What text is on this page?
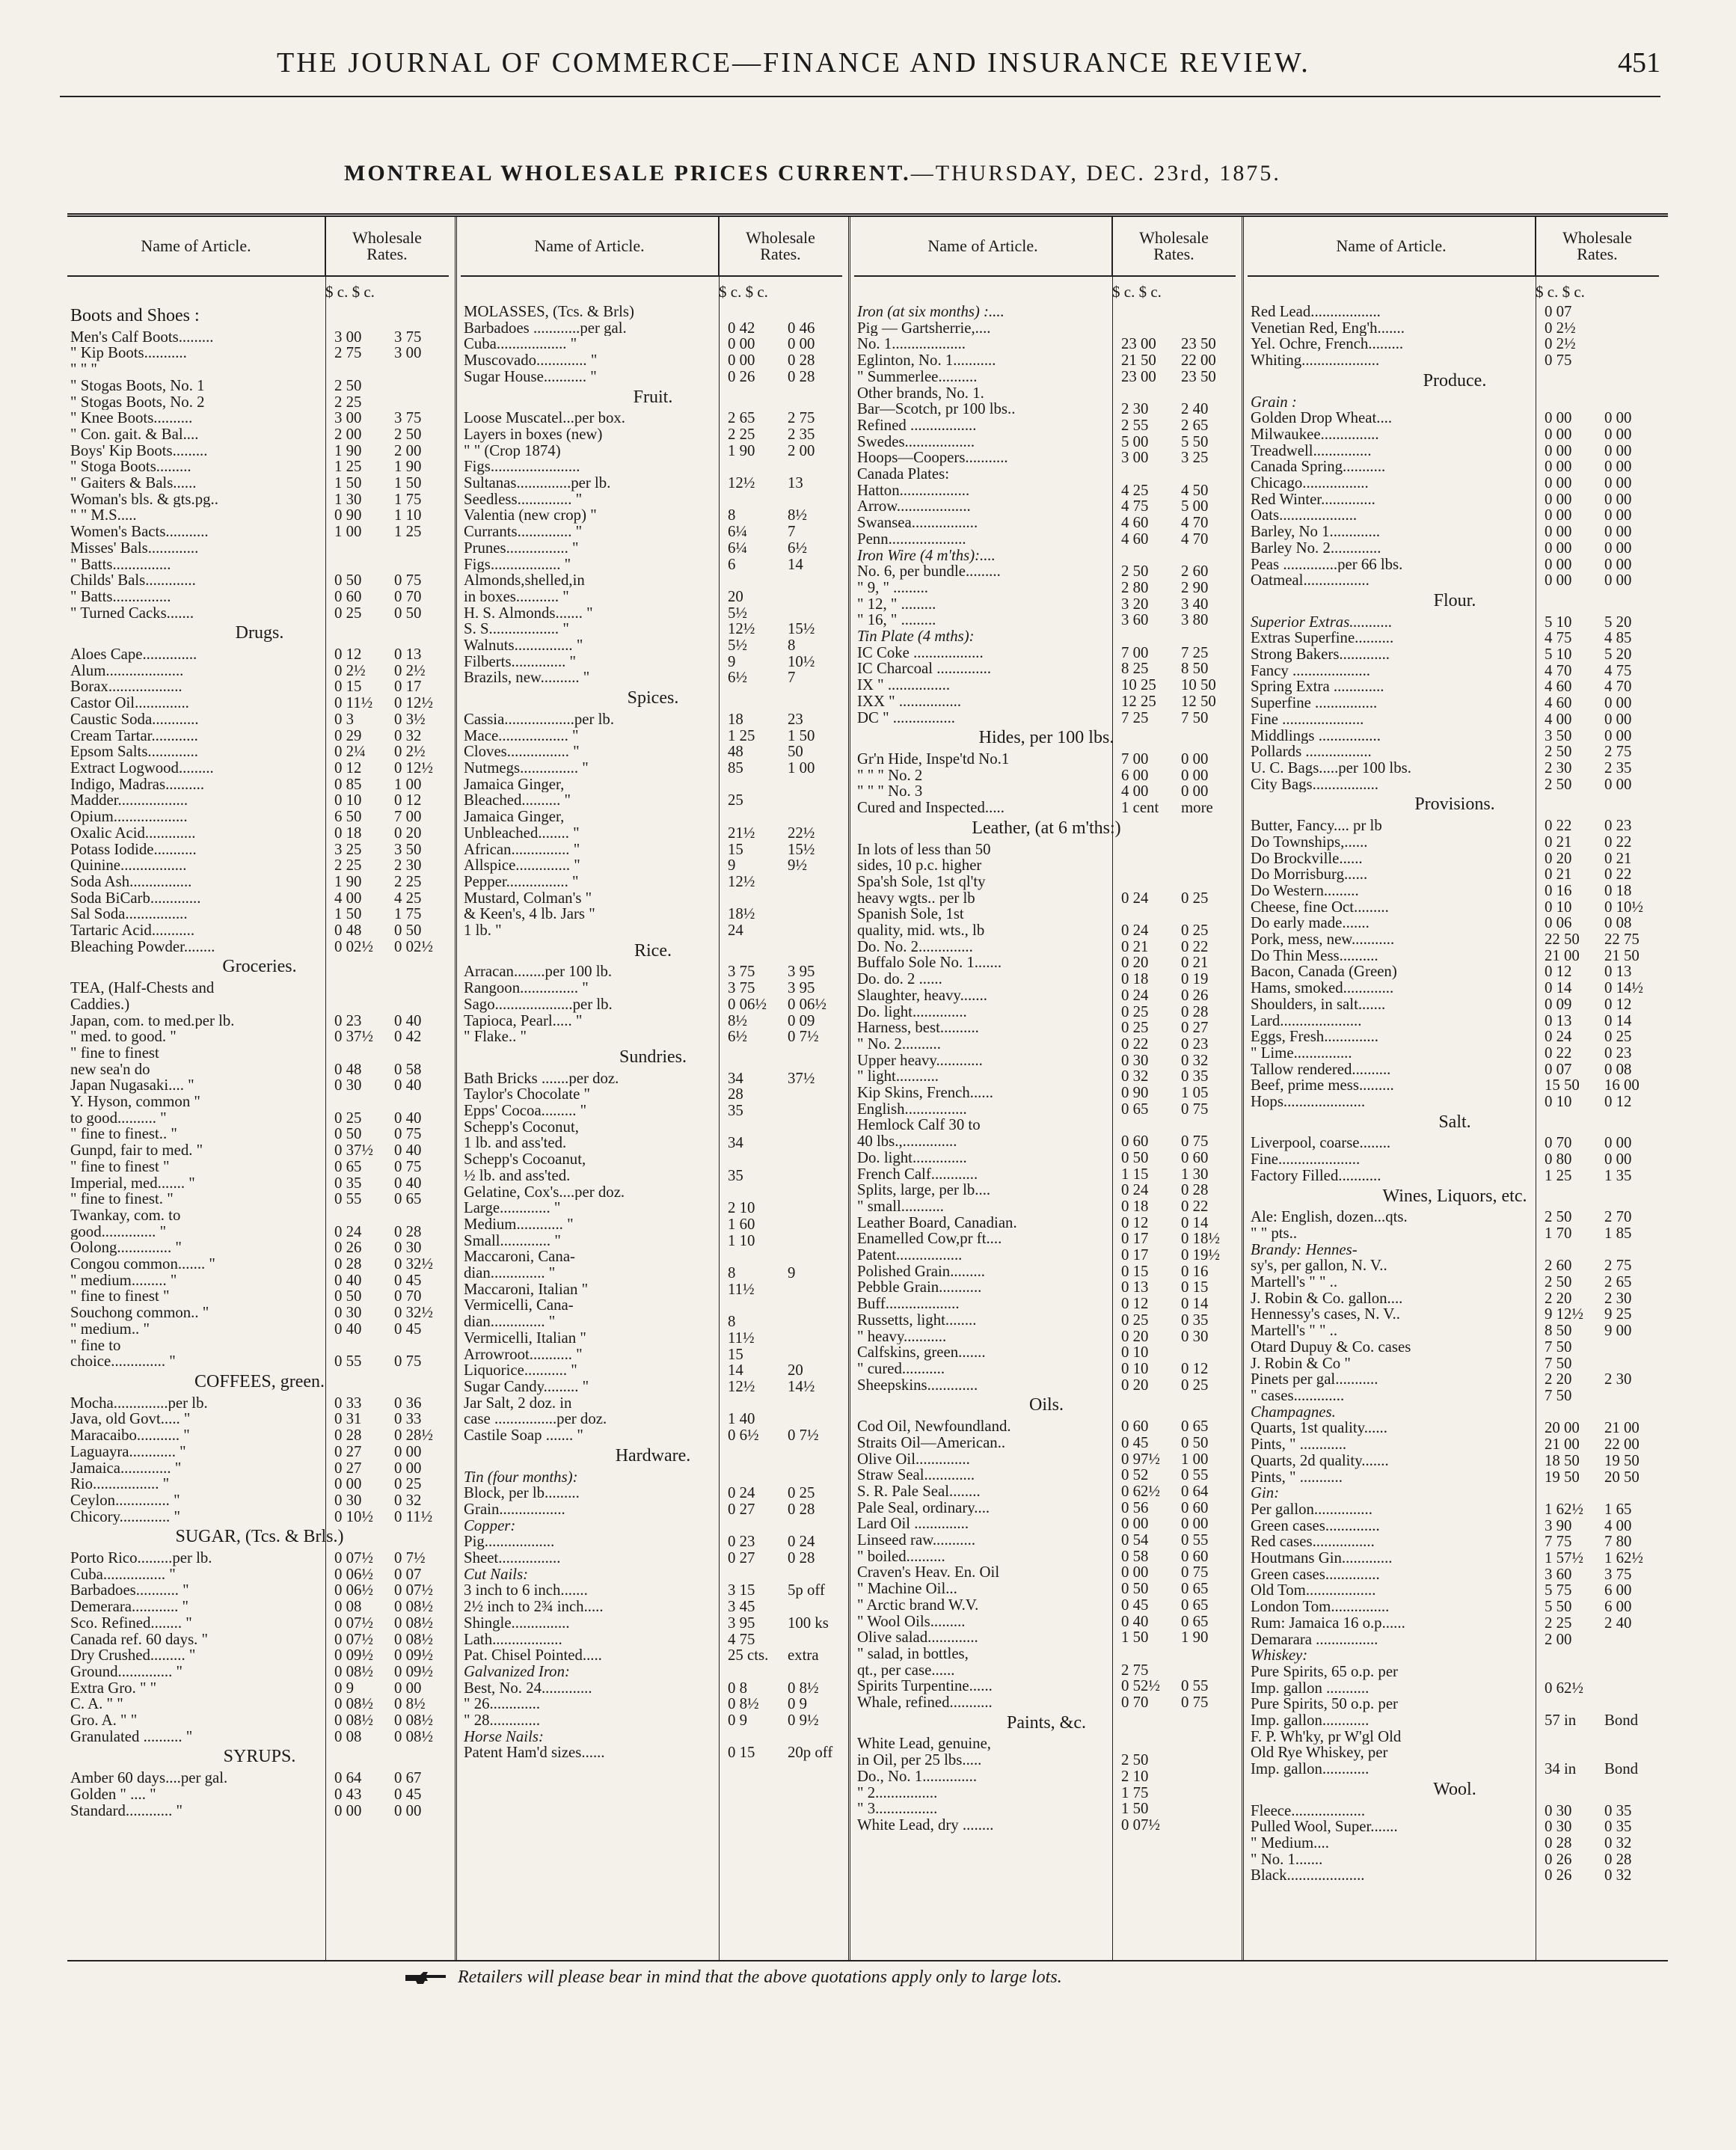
THE JOURNAL OF COMMERCE—FINANCE AND INSURANCE REVIEW.	451
MONTREAL WHOLESALE PRICES CURRENT.—THURSDAY, DEC. 23rd, 1875.
Name of Article.	Wholesale
Rates.
$ c. $ c.
Boots and Shoes :
Men's Calf Boots.........	3 00	3 75
" Kip Boots...........	2 75	3 00
" " "
" Stogas Boots, No. 1	2 50
" Stogas Boots, No. 2	2 25
" Knee Boots..........	3 00	3 75
" Con. gait. & Bal....	2 00	2 50
Boys' Kip Boots.........	1 90	2 00
" Stoga Boots.........	1 25	1 90
" Gaiters & Bals......	1 50	1 50
Woman's bls. & gts.pg..	1 30	1 75
" " M.S.....	0 90	1 10
Women's Bacts...........	1 00	1 25
Misses' Bals.............
" Batts...............
Childs' Bals.............	0 50	0 75
" Batts...............	0 60	0 70
" Turned Cacks.......	0 25	0 50
Drugs.
Aloes Cape..............	0 12	0 13
Alum....................	0 2½	0 2½
Borax...................	0 15	0 17
Castor Oil..............	0 11½	0 12½
Caustic Soda............	0 3	0 3½
Cream Tartar............	0 29	0 32
Epsom Salts.............	0 2¼	0 2½
Extract Logwood.........	0 12	0 12½
Indigo, Madras..........	0 85	1 00
Madder..................	0 10	0 12
Opium...................	6 50	7 00
Oxalic Acid.............	0 18	0 20
Potass Iodide...........	3 25	3 50
Quinine.................	2 25	2 30
Soda Ash................	1 90	2 25
Soda BiCarb.............	4 00	4 25
Sal Soda................	1 50	1 75
Tartaric Acid...........	0 48	0 50
Bleaching Powder........	0 02½	0 02½
Groceries.
TEA, (Half-Chests and
Caddies.)
Japan, com. to med.per lb.	0 23	0 40
" med. to good. "	0 37½	0 42
" fine to finest
new sea'n do	0 48	0 58
Japan Nugasaki.... "	0 30	0 40
Y. Hyson, common "
to good.......... "	0 25	0 40
" fine to finest.. "	0 50	0 75
Gunpd, fair to med. "	0 37½	0 40
" fine to finest "	0 65	0 75
Imperial, med....... "	0 35	0 40
" fine to finest. "	0 55	0 65
Twankay, com. to
good.............. "	0 24	0 28
Oolong.............. "	0 26	0 30
Congou common....... "	0 28	0 32½
" medium......... "	0 40	0 45
" fine to finest "	0 50	0 70
Souchong common.. "	0 30	0 32½
" medium.. "	0 40	0 45
" fine to
choice.............. "	0 55	0 75
COFFEES, green.
Mocha..............per lb.	0 33	0 36
Java, old Govt..... "	0 31	0 33
Maracaibo........... "	0 28	0 28½
Laguayra............ "	0 27	0 00
Jamaica............. "	0 27	0 00
Rio................. "	0 00	0 25
Ceylon.............. "	0 30	0 32
Chicory............. "	0 10½	0 11½
SUGAR, (Tcs. & Brls.)
Porto Rico.........per lb.	0 07½	0 7½
Cuba................ "	0 06½	0 07
Barbadoes........... "	0 06½	0 07½
Demerara............ "	0 08	0 08½
Sco. Refined........ "	0 07½	0 08½
Canada ref. 60 days. "	0 07½	0 08½
Dry Crushed......... "	0 09½	0 09½
Ground.............. "	0 08½	0 09½
Extra Gro. " "	0 9	0 00
C. A. " "	0 08½	0 8½
Gro. A. " "	0 08½	0 08½
Granulated .......... "	0 08	0 08½
SYRUPS.
Amber 60 days....per gal.	0 64	0 67
Golden " .... "	0 43	0 45
Standard............ "	0 00	0 00
Name of Article.	Wholesale
Rates.
$ c. $ c.
MOLASSES, (Tcs. & Brls)
Barbadoes ............per gal.	0 42	0 46
Cuba.................. "	0 00	0 00
Muscovado............. "	0 00	0 28
Sugar House........... "	0 26	0 28
Fruit.
Loose Muscatel...per box.	2 65	2 75
Layers in boxes (new)	2 25	2 35
" " (Crop 1874)	1 90	2 00
Figs.......................
Sultanas..............per lb.	12½	13
Seedless.............. "
Valentia (new crop) "	8	8½
Currants.............. "	6¼	7
Prunes................ "	6¼	6½
Figs.................. "	6	14
Almonds,shelled,in
in boxes........... "	20
H. S. Almonds....... "	5½
S. S.................. "	12½	15½
Walnuts............... "	5½	8
Filberts.............. "	9	10½
Brazils, new.......... "	6½	7
Spices.
Cassia..................per lb.	18	23
Mace.................. "	1 25	1 50
Cloves................ "	48	50
Nutmegs............... "	85	1 00
Jamaica Ginger,
Bleached.......... "	25
Jamaica Ginger,
Unbleached........ "	21½	22½
African............... "	15	15½
Allspice.............. "	9	9½
Pepper................ "	12½
Mustard, Colman's "
& Keen's, 4 lb. Jars "	18½
1 lb. "	24
Rice.
Arracan........per 100 lb.	3 75	3 95
Rangoon............... "	3 75	3 95
Sago....................per lb.	0 06½	0 06½
Tapioca, Pearl..... "	8½	0 09
" Flake.. "	6½	0 7½
Sundries.
Bath Bricks .......per doz.	34	37½
Taylor's Chocolate "	28
Epps' Cocoa......... "	35
Schepp's Coconut,
1 lb. and ass'ted.	34
Schepp's Cocoanut,
½ lb. and ass'ted.	35
Gelatine, Cox's....per doz.
Large............. "	2 10
Medium............ "	1 60
Small............. "	1 10
Maccaroni, Cana-
dian.............. "	8	9
Maccaroni, Italian "	11½
Vermicelli, Cana-
dian.............. "	8
Vermicelli, Italian "	11½
Arrowroot........... "	15
Liquorice........... "	14	20
Sugar Candy......... "	12½	14½
Jar Salt, 2 doz. in
case ................per doz.	1 40
Castile Soap ....... "	0 6½	0 7½
Hardware.
Tin (four months):
Block, per lb.........	0 24	0 25
Grain.................	0 27	0 28
Copper:
Pig..................	0 23	0 24
Sheet................	0 27	0 28
Cut Nails:
3 inch to 6 inch.......	3 15	5p off
2½ inch to 2¾ inch.....	3 45
Shingle...............	3 95	100 ks
Lath..................	4 75
Pat. Chisel Pointed.....	25 cts.	extra
Galvanized Iron:
Best, No. 24.............	0 8	0 8½
" 26.............	0 8½	0 9
" 28.............	0 9	0 9½
Horse Nails:
Patent Ham'd sizes......	0 15	20p off
Name of Article.	Wholesale
Rates.
$ c. $ c.
Iron (at six months) :....
Pig — Gartsherrie,....
No. 1...................	23 00	23 50
Eglinton, No. 1...........	21 50	22 00
" Summerlee..........	23 00	23 50
Other brands, No. 1.
Bar—Scotch, pr 100 lbs..	2 30	2 40
Refined .................	2 55	2 65
Swedes..................	5 00	5 50
Hoops—Coopers...........	3 00	3 25
Canada Plates:
Hatton..................	4 25	4 50
Arrow...................	4 75	5 00
Swansea.................	4 60	4 70
Penn....................	4 60	4 70
Iron Wire (4 m'ths):....
No. 6, per bundle.........	2 50	2 60
" 9, " .........	2 80	2 90
" 12, " .........	3 20	3 40
" 16, " .........	3 60	3 80
Tin Plate (4 mths):
IC Coke ..................	7 00	7 25
IC Charcoal ..............	8 25	8 50
IX " ................	10 25	10 50
IXX " ................	12 25	12 50
DC " ................	7 25	7 50
Hides, per 100 lbs.
Gr'n Hide, Inspe'td No.1	7 00	0 00
" " " No. 2	6 00	0 00
" " " No. 3	4 00	0 00
Cured and Inspected.....	1 cent	more
Leather, (at 6 m'ths:)
In lots of less than 50
sides, 10 p.c. higher
Spa'sh Sole, 1st ql'ty
heavy wgts.. per lb	0 24	0 25
Spanish Sole, 1st
quality, mid. wts., lb	0 24	0 25
Do. No. 2..............	0 21	0 22
Buffalo Sole No. 1.......	0 20	0 21
Do. do. 2 ......	0 18	0 19
Slaughter, heavy.......	0 24	0 26
Do. light..............	0 25	0 28
Harness, best..........	0 25	0 27
" No. 2..........	0 22	0 23
Upper heavy............	0 30	0 32
" light...........	0 32	0 35
Kip Skins, French......	0 90	1 05
English................	0 65	0 75
Hemlock Calf 30 to
40 lbs.,..............	0 60	0 75
Do. light..............	0 50	0 60
French Calf............	1 15	1 30
Splits, large, per lb....	0 24	0 28
" small...........	0 18	0 22
Leather Board, Canadian.	0 12	0 14
Enamelled Cow,pr ft....	0 17	0 18½
Patent.................	0 17	0 19½
Polished Grain.........	0 15	0 16
Pebble Grain...........	0 13	0 15
Buff...................	0 12	0 14
Russetts, light........	0 25	0 35
" heavy...........	0 20	0 30
Calfskins, green.......	0 10
" cured...........	0 10	0 12
Sheepskins.............	0 20	0 25
Oils.
Cod Oil, Newfoundland.	0 60	0 65
Straits Oil—American..	0 45	0 50
Olive Oil..............	0 97½	1 00
Straw Seal.............	0 52	0 55
S. R. Pale Seal........	0 62½	0 64
Pale Seal, ordinary....	0 56	0 60
Lard Oil ..............	0 00	0 00
Linseed raw...........	0 54	0 55
" boiled..........	0 58	0 60
Craven's Heav. En. Oil	0 00	0 75
" Machine Oil...	0 50	0 65
" Arctic brand W.V.	0 45	0 65
" Wool Oils.........	0 40	0 65
Olive salad.............	1 50	1 90
" salad, in bottles,
qt., per case......	2 75
Spirits Turpentine......	0 52½	0 55
Whale, refined...........	0 70	0 75
Paints, &c.
White Lead, genuine,
in Oil, per 25 lbs.....	2 50
Do., No. 1..............	2 10
" 2................	1 75
" 3................	1 50
White Lead, dry ........	0 07½
Name of Article.	Wholesale
Rates.
$ c. $ c.
Red Lead..................	0 07
Venetian Red, Eng'h.......	0 2½
Yel. Ochre, French.........	0 2½
Whiting....................	0 75
Produce.
Grain :
Golden Drop Wheat....	0 00	0 00
Milwaukee...............	0 00	0 00
Treadwell...............	0 00	0 00
Canada Spring...........	0 00	0 00
Chicago.................	0 00	0 00
Red Winter..............	0 00	0 00
Oats....................	0 00	0 00
Barley, No 1.............	0 00	0 00
Barley No. 2.............	0 00	0 00
Peas ..............per 66 lbs.	0 00	0 00
Oatmeal.................	0 00	0 00
Flour.
Superior Extras...........	5 10	5 20
Extras Superfine..........	4 75	4 85
Strong Bakers.............	5 10	5 20
Fancy ....................	4 70	4 75
Spring Extra .............	4 60	4 70
Superfine ................	4 60	0 00
Fine .....................	4 00	0 00
Middlings ................	3 50	0 00
Pollards .................	2 50	2 75
U. C. Bags.....per 100 lbs.	2 30	2 35
City Bags.................	2 50	0 00
Provisions.
Butter, Fancy.... pr lb	0 22	0 23
Do Townships,......	0 21	0 22
Do Brockville......	0 20	0 21
Do Morrisburg......	0 21	0 22
Do Western.........	0 16	0 18
Cheese, fine Oct.........	0 10	0 10½
Do early made.......	0 06	0 08
Pork, mess, new...........	22 50	22 75
Do Thin Mess..........	21 00	21 50
Bacon, Canada (Green)	0 12	0 13
Hams, smoked.............	0 14	0 14½
Shoulders, in salt.......	0 09	0 12
Lard.....................	0 13	0 14
Eggs, Fresh..............	0 24	0 25
" Lime...............	0 22	0 23
Tallow rendered..........	0 07	0 08
Beef, prime mess.........	15 50	16 00
Hops.....................	0 10	0 12
Salt.
Liverpool, coarse........	0 70	0 00
Fine.....................	0 80	0 00
Factory Filled...........	1 25	1 35
Wines, Liquors, etc.
Ale: English, dozen...qts.	2 50	2 70
" " pts..	1 70	1 85
Brandy: Hennes-
sy's, per gallon, N. V..	2 60	2 75
Martell's " " ..	2 50	2 65
J. Robin & Co. gallon....	2 20	2 30
Hennessy's cases, N. V..	9 12½	9 25
Martell's " " ..	8 50	9 00
Otard Dupuy & Co. cases	7 50
J. Robin & Co "	7 50
Pinets per gal...........	2 20	2 30
" cases.............	7 50
Champagnes.
Quarts, 1st quality......	20 00	21 00
Pints, " ............	21 00	22 00
Quarts, 2d quality.......	18 50	19 50
Pints, " ...........	19 50	20 50
Gin:
Per gallon...............	1 62½	1 65
Green cases..............	3 90	4 00
Red cases................	7 75	7 80
Houtmans Gin.............	1 57½	1 62½
Green cases..............	3 60	3 75
Old Tom..................	5 75	6 00
London Tom...............	5 50	6 00
Rum: Jamaica 16 o.p......	2 25	2 40
Demarara ................	2 00
Whiskey:
Pure Spirits, 65 o.p. per
Imp. gallon ...........	0 62½
Pure Spirits, 50 o.p. per
Imp. gallon............	57 in	Bond
F. P. Wh'ky, pr W'gl Old
Old Rye Whiskey, per
Imp. gallon............	34 in	Bond
Wool.
Fleece...................	0 30	0 35
Pulled Wool, Super.......	0 30	0 35
" Medium....	0 28	0 32
" No. 1.......	0 26	0 28
Black....................	0 26	0 32
Retailers will please bear in mind that the above quotations apply only to large lots.
